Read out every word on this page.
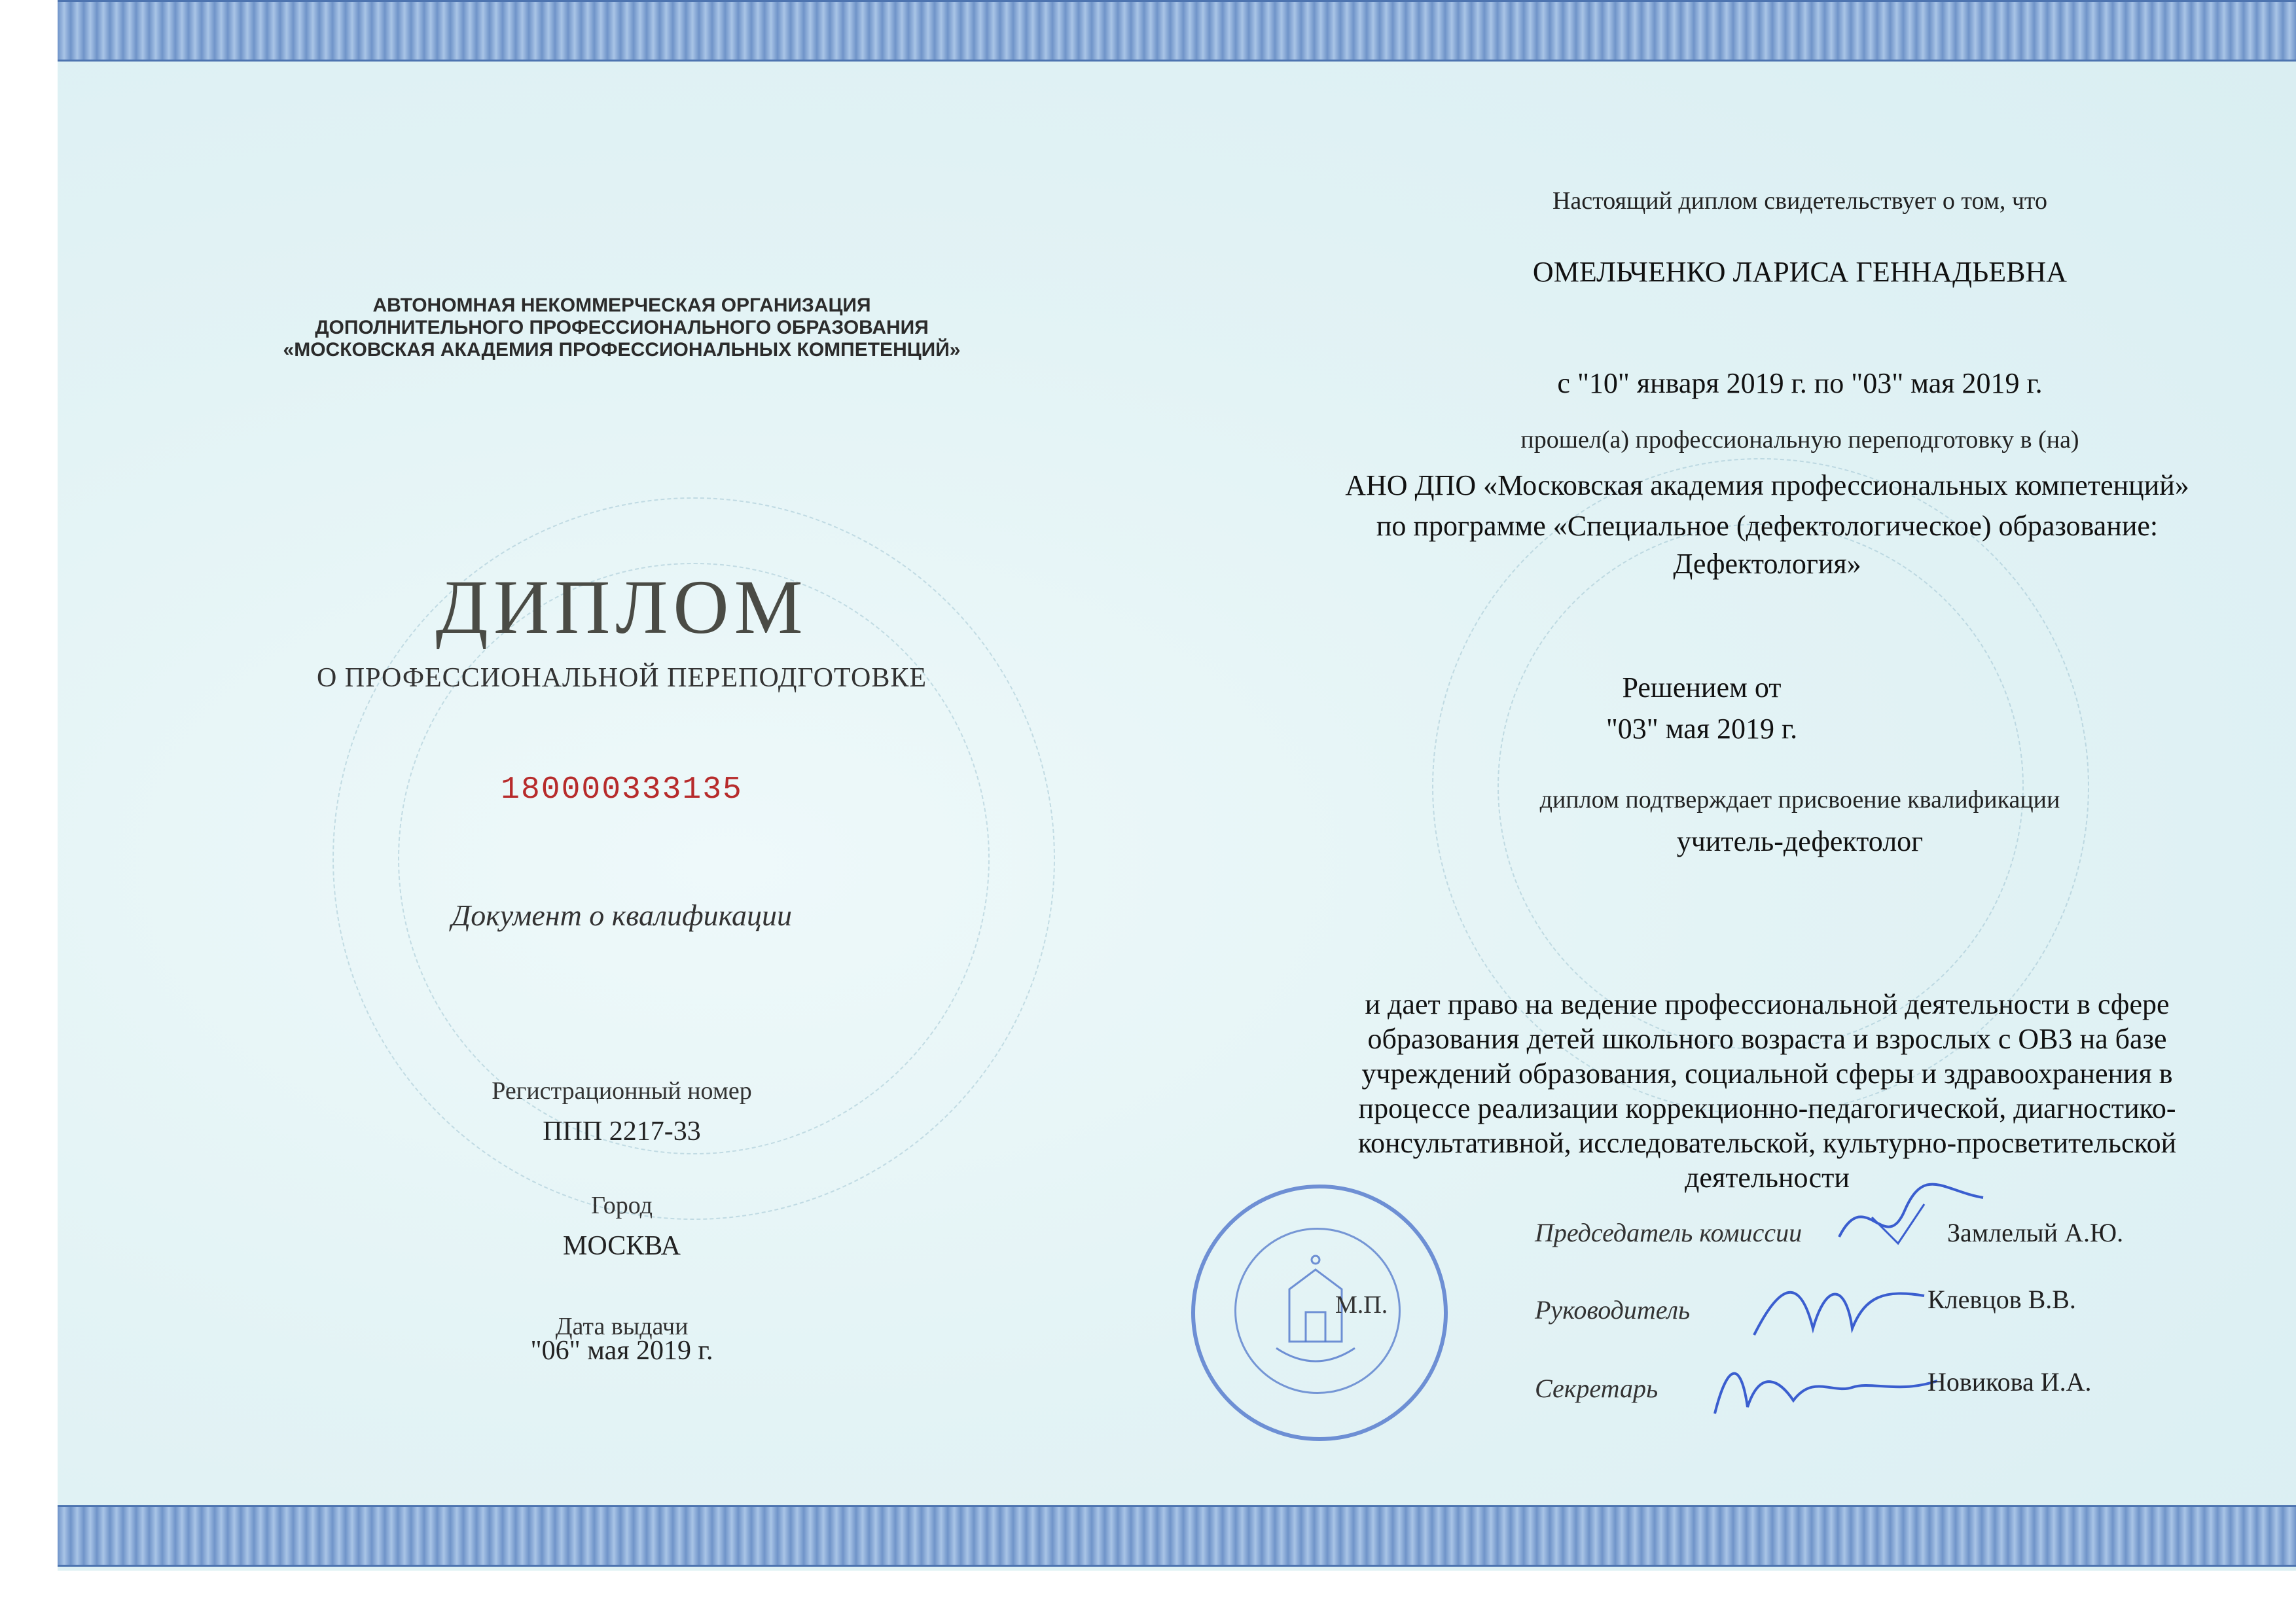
АВТОНОМНАЯ НЕКОММЕРЧЕСКАЯ ОРГАНИЗАЦИЯ
ДОПОЛНИТЕЛЬНОГО ПРОФЕССИОНАЛЬНОГО ОБРАЗОВАНИЯ
«МОСКОВСКАЯ АКАДЕМИЯ ПРОФЕССИОНАЛЬНЫХ КОМПЕТЕНЦИЙ»
ДИПЛОМ
О ПРОФЕССИОНАЛЬНОЙ ПЕРЕПОДГОТОВКЕ
180000333135
Документ о квалификации
Регистрационный номер
ППП 2217-33
Город
МОСКВА
Дата выдачи
"06" мая 2019 г.
Настоящий диплом свидетельствует о том, что
ОМЕЛЬЧЕНКО ЛАРИСА ГЕННАДЬЕВНА
с "10" января 2019 г. по "03" мая 2019 г.
прошел(а) профессиональную переподготовку в (на)
АНО ДПО «Московская академия профессиональных компетенций»
по программе «Специальное (дефектологическое) образование:
Дефектология»
Решением от
"03" мая 2019 г.
диплом подтверждает присвоение квалификации
учитель-дефектолог
и дает право на ведение профессиональной деятельности в сфере
образования детей школьного возраста и взрослых с ОВЗ на базе
учреждений образования, социальной сферы и здравоохранения в
процессе реализации коррекционно-педагогической, диагностико-
консультативной, исследовательской, культурно-просветительской
деятельности
М.П.
Председатель комиссии	Замлелый А.Ю.
Руководитель	Клевцов В.В.
Секретарь	Новикова И.А.
